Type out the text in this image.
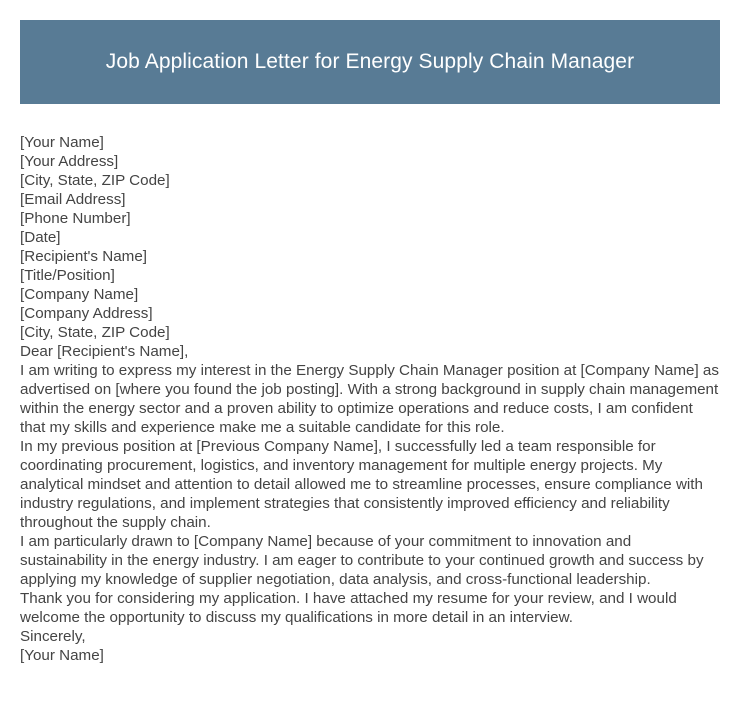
Job Application Letter for Energy Supply Chain Manager
[Your Name]
[Your Address]
[City, State, ZIP Code]
[Email Address]
[Phone Number]
[Date]
[Recipient's Name]
[Title/Position]
[Company Name]
[Company Address]
[City, State, ZIP Code]
Dear [Recipient's Name],

I am writing to express my interest in the Energy Supply Chain Manager position at [Company Name] as advertised on [where you found the job posting]. With a strong background in supply chain management within the energy sector and a proven ability to optimize operations and reduce costs, I am confident that my skills and experience make me a suitable candidate for this role.

In my previous position at [Previous Company Name], I successfully led a team responsible for coordinating procurement, logistics, and inventory management for multiple energy projects. My analytical mindset and attention to detail allowed me to streamline processes, ensure compliance with industry regulations, and implement strategies that consistently improved efficiency and reliability throughout the supply chain.

I am particularly drawn to [Company Name] because of your commitment to innovation and sustainability in the energy industry. I am eager to contribute to your continued growth and success by applying my knowledge of supplier negotiation, data analysis, and cross-functional leadership.

Thank you for considering my application. I have attached my resume for your review, and I would welcome the opportunity to discuss my qualifications in more detail in an interview.

Sincerely,
[Your Name]
